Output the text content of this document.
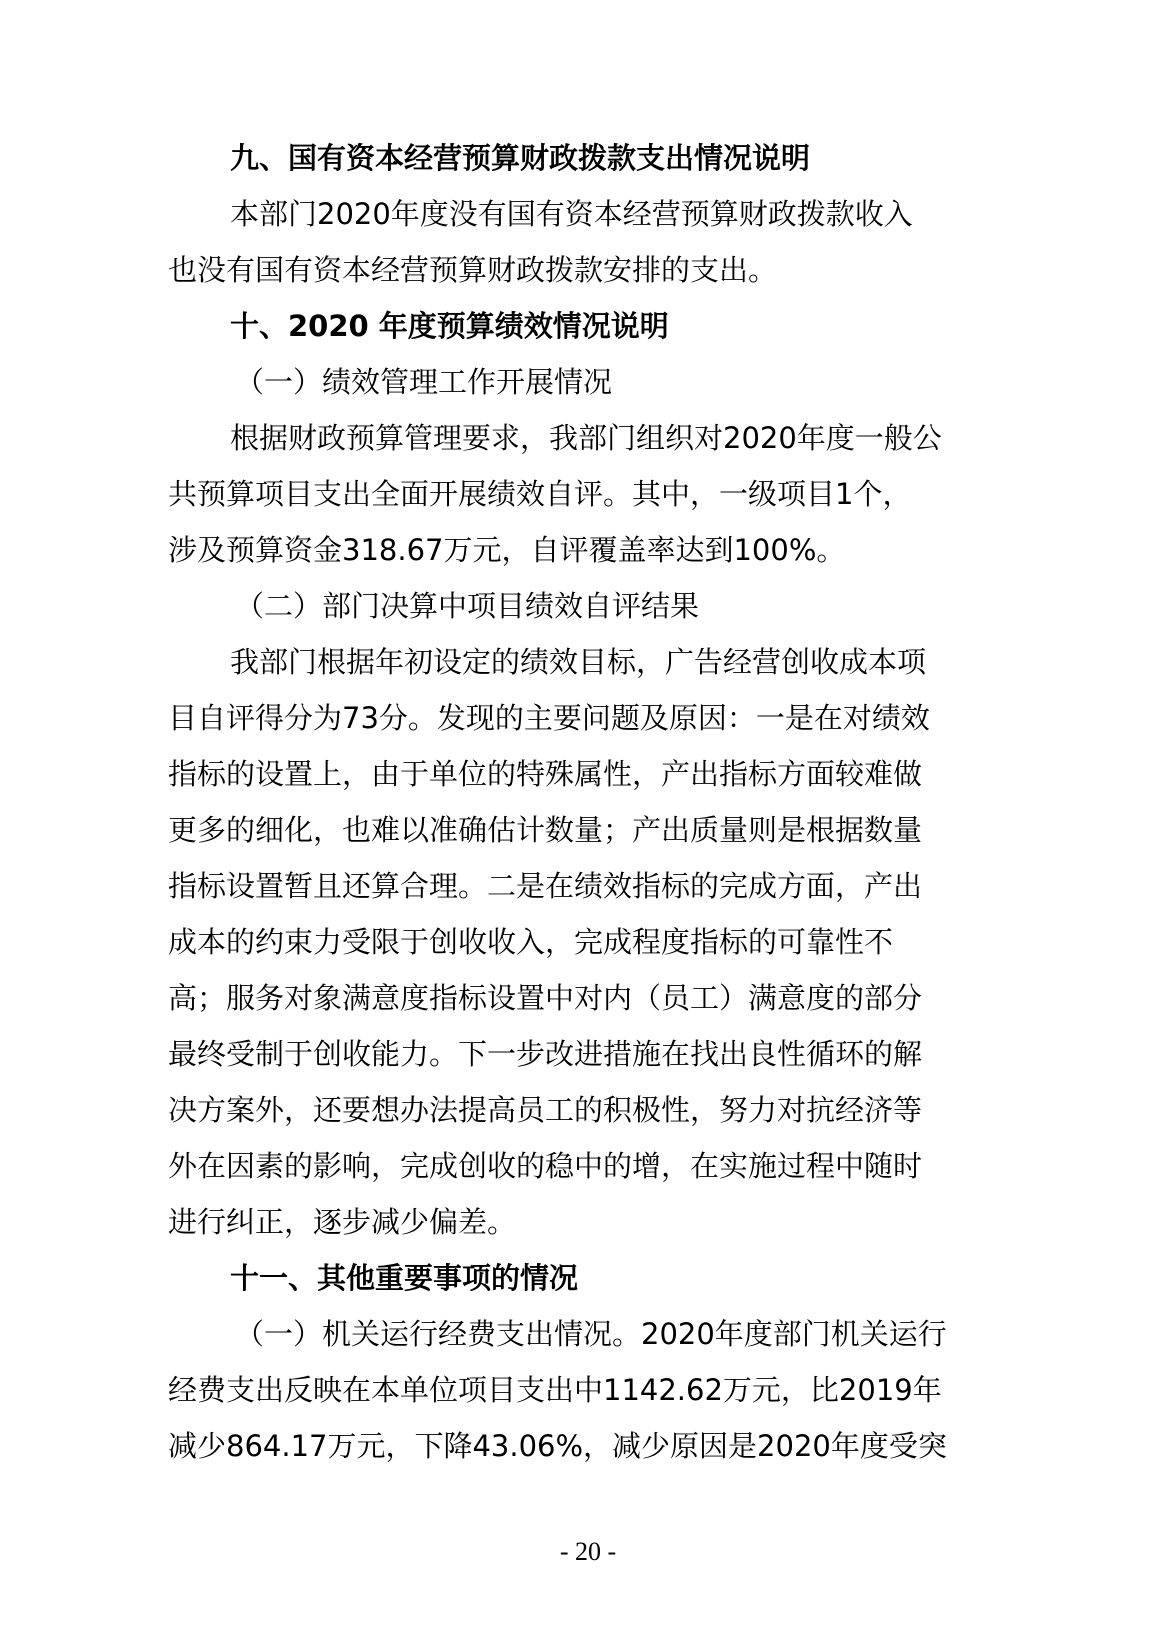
九、国有资本经营预算财政拨款支出情况说明
本部门2020年度没有国有资本经营预算财政拨款收入
也没有国有资本经营预算财政拨款安排的支出。
十、2020 年度预算绩效情况说明
（一）绩效管理工作开展情况
根据财政预算管理要求，我部门组织对2020年度一般公
共预算项目支出全面开展绩效自评。其中，一级项目1个，
涉及预算资金318.67万元，自评覆盖率达到100%。
（二）部门决算中项目绩效自评结果
我部门根据年初设定的绩效目标，广告经营创收成本项
目自评得分为73分。发现的主要问题及原因：一是在对绩效
指标的设置上，由于单位的特殊属性，产出指标方面较难做
更多的细化，也难以准确估计数量；产出质量则是根据数量
指标设置暂且还算合理。二是在绩效指标的完成方面，产出
成本的约束力受限于创收收入，完成程度指标的可靠性不
高；服务对象满意度指标设置中对内（员工）满意度的部分
最终受制于创收能力。下一步改进措施在找出良性循环的解
决方案外，还要想办法提高员工的积极性，努力对抗经济等
外在因素的影响，完成创收的稳中的增，在实施过程中随时
进行纠正，逐步减少偏差。
十一、其他重要事项的情况
（一）机关运行经费支出情况。2020年度部门机关运行
经费支出反映在本单位项目支出中1142.62万元，比2019年
减少864.17万元，下降43.06%，减少原因是2020年度受突
- 20 -
